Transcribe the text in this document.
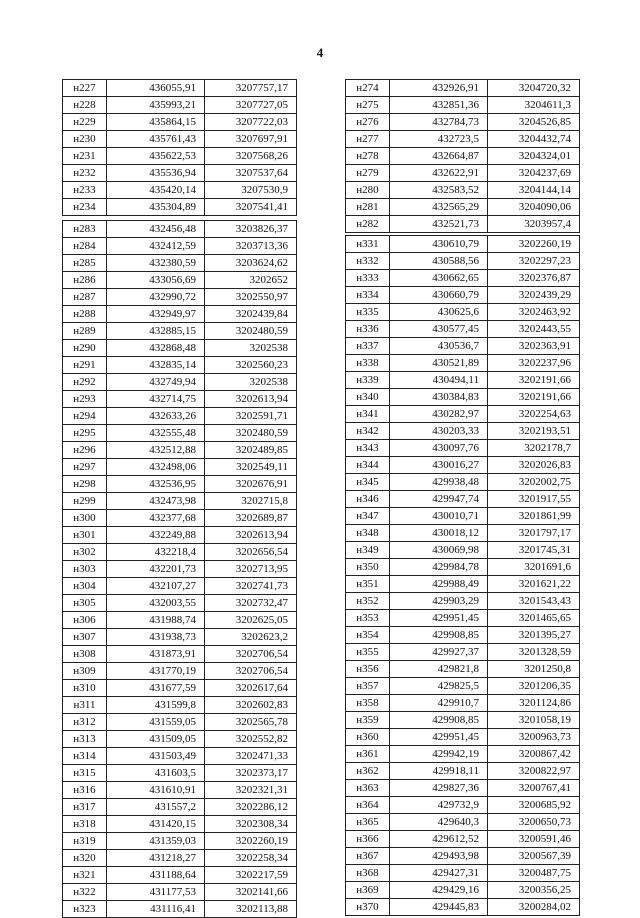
4
н227	436055,91	3207757,17
н228	435993,21	3207727,05
н229	435864,15	3207722,03
н230	435761,43	3207697,91
н231	435622,53	3207568,26
н232	435536,94	3207537,64
н233	435420,14	3207530,9
н234	435304,89	3207541,41
н283	432456,48	3203826,37
н284	432412,59	3203713,36
н285	432380,59	3203624,62
н286	433056,69	3202652
н287	432990,72	3202550,97
н288	432949,97	3202439,84
н289	432885,15	3202480,59
н290	432868,48	3202538
н291	432835,14	3202560,23
н292	432749,94	3202538
н293	432714,75	3202613,94
н294	432633,26	3202591,71
н295	432555,48	3202480,59
н296	432512,88	3202489,85
н297	432498,06	3202549,11
н298	432536,95	3202676,91
н299	432473,98	3202715,8
н300	432377,68	3202689,87
н301	432249,88	3202613,94
н302	432218,4	3202656,54
н303	432201,73	3202713,95
н304	432107,27	3202741,73
н305	432003,55	3202732,47
н306	431988,74	3202625,05
н307	431938,73	3202623,2
н308	431873,91	3202706,54
н309	431770,19	3202706,54
н310	431677,59	3202617,64
н311	431599,8	3202602,83
н312	431559,05	3202565,78
н313	431509,05	3202552,82
н314	431503,49	3202471,33
н315	431603,5	3202373,17
н316	431610,91	3202321,31
н317	431557,2	3202286,12
н318	431420,15	3202308,34
н319	431359,03	3202260,19
н320	431218,27	3202258,34
н321	431188,64	3202217,59
н322	431177,53	3202141,66
н323	431116,41	3202113,88
н274	432926,91	3204720,32
н275	432851,36	3204611,3
н276	432784,73	3204526,85
н277	432723,5	3204432,74
н278	432664,87	3204324,01
н279	432622,91	3204237,69
н280	432583,52	3204144,14
н281	432565,29	3204090,06
н282	432521,73	3203957,4
н331	430610,79	3202260,19
н332	430588,56	3202297,23
н333	430662,65	3202376,87
н334	430660,79	3202439,29
н335	430625,6	3202463,92
н336	430577,45	3202443,55
н337	430536,7	3202363,91
н338	430521,89	3202237,96
н339	430494,11	3202191,66
н340	430384,83	3202191,66
н341	430282,97	3202254,63
н342	430203,33	3202193,51
н343	430097,76	3202178,7
н344	430016,27	3202026,83
н345	429938,48	3202002,75
н346	429947,74	3201917,55
н347	430010,71	3201861,99
н348	430018,12	3201797,17
н349	430069,98	3201745,31
н350	429984,78	3201691,6
н351	429988,49	3201621,22
н352	429903,29	3201543,43
н353	429951,45	3201465,65
н354	429908,85	3201395,27
н355	429927,37	3201328,59
н356	429821,8	3201250,8
н357	429825,5	3201206,35
н358	429910,7	3201124,86
н359	429908,85	3201058,19
н360	429951,45	3200963,73
н361	429942,19	3200867,42
н362	429918,11	3200822,97
н363	429827,36	3200767,41
н364	429732,9	3200685,92
н365	429640,3	3200650,73
н366	429612,52	3200591,46
н367	429493,98	3200567,39
н368	429427,31	3200487,75
н369	429429,16	3200356,25
н370	429445,83	3200284,02
